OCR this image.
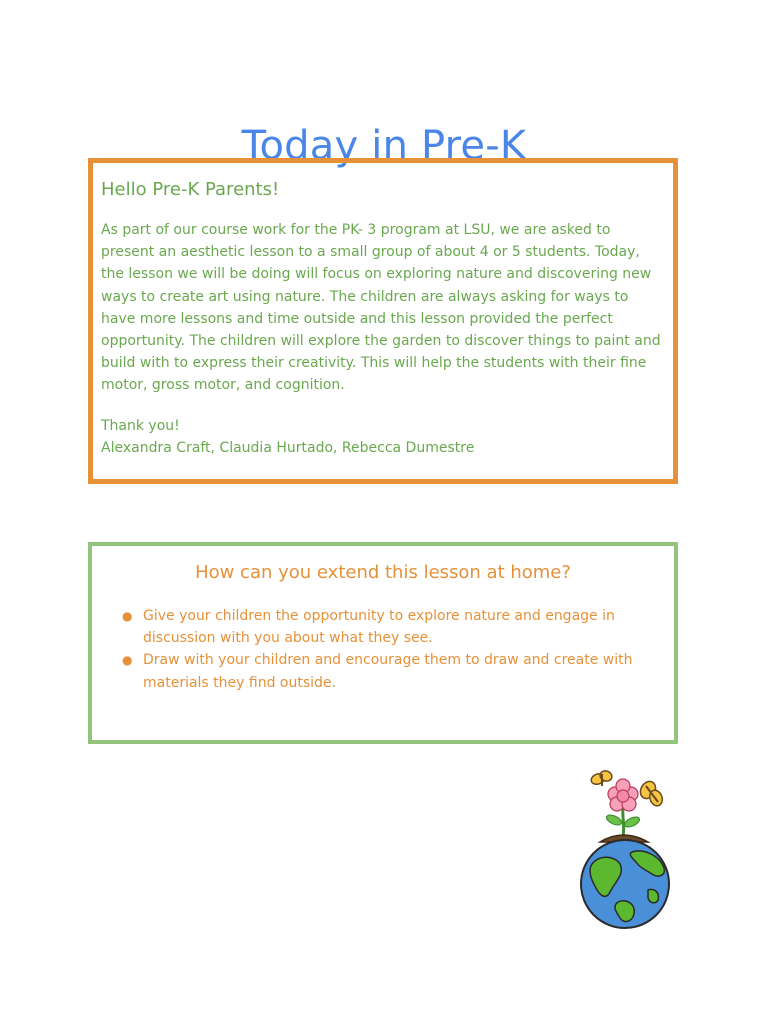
Today in Pre-K
Hello Pre-K Parents!
As part of our course work for the PK- 3 program at LSU, we are asked to present an aesthetic lesson to a small group of about 4 or 5 students. Today, the lesson we will be doing will focus on exploring nature and discovering new ways to create art using nature. The children are always asking for ways to have more lessons and time outside and this lesson provided the perfect opportunity. The children will explore the garden to discover things to paint and build with to express their creativity. This will help the students with their fine motor, gross motor, and cognition.
Thank you!
Alexandra Craft, Claudia Hurtado, Rebecca Dumestre
How can you extend this lesson at home?
● Give your children the opportunity to explore nature and engage in discussion with you about what they see.
● Draw with your children and encourage them to draw and create with materials they find outside.
